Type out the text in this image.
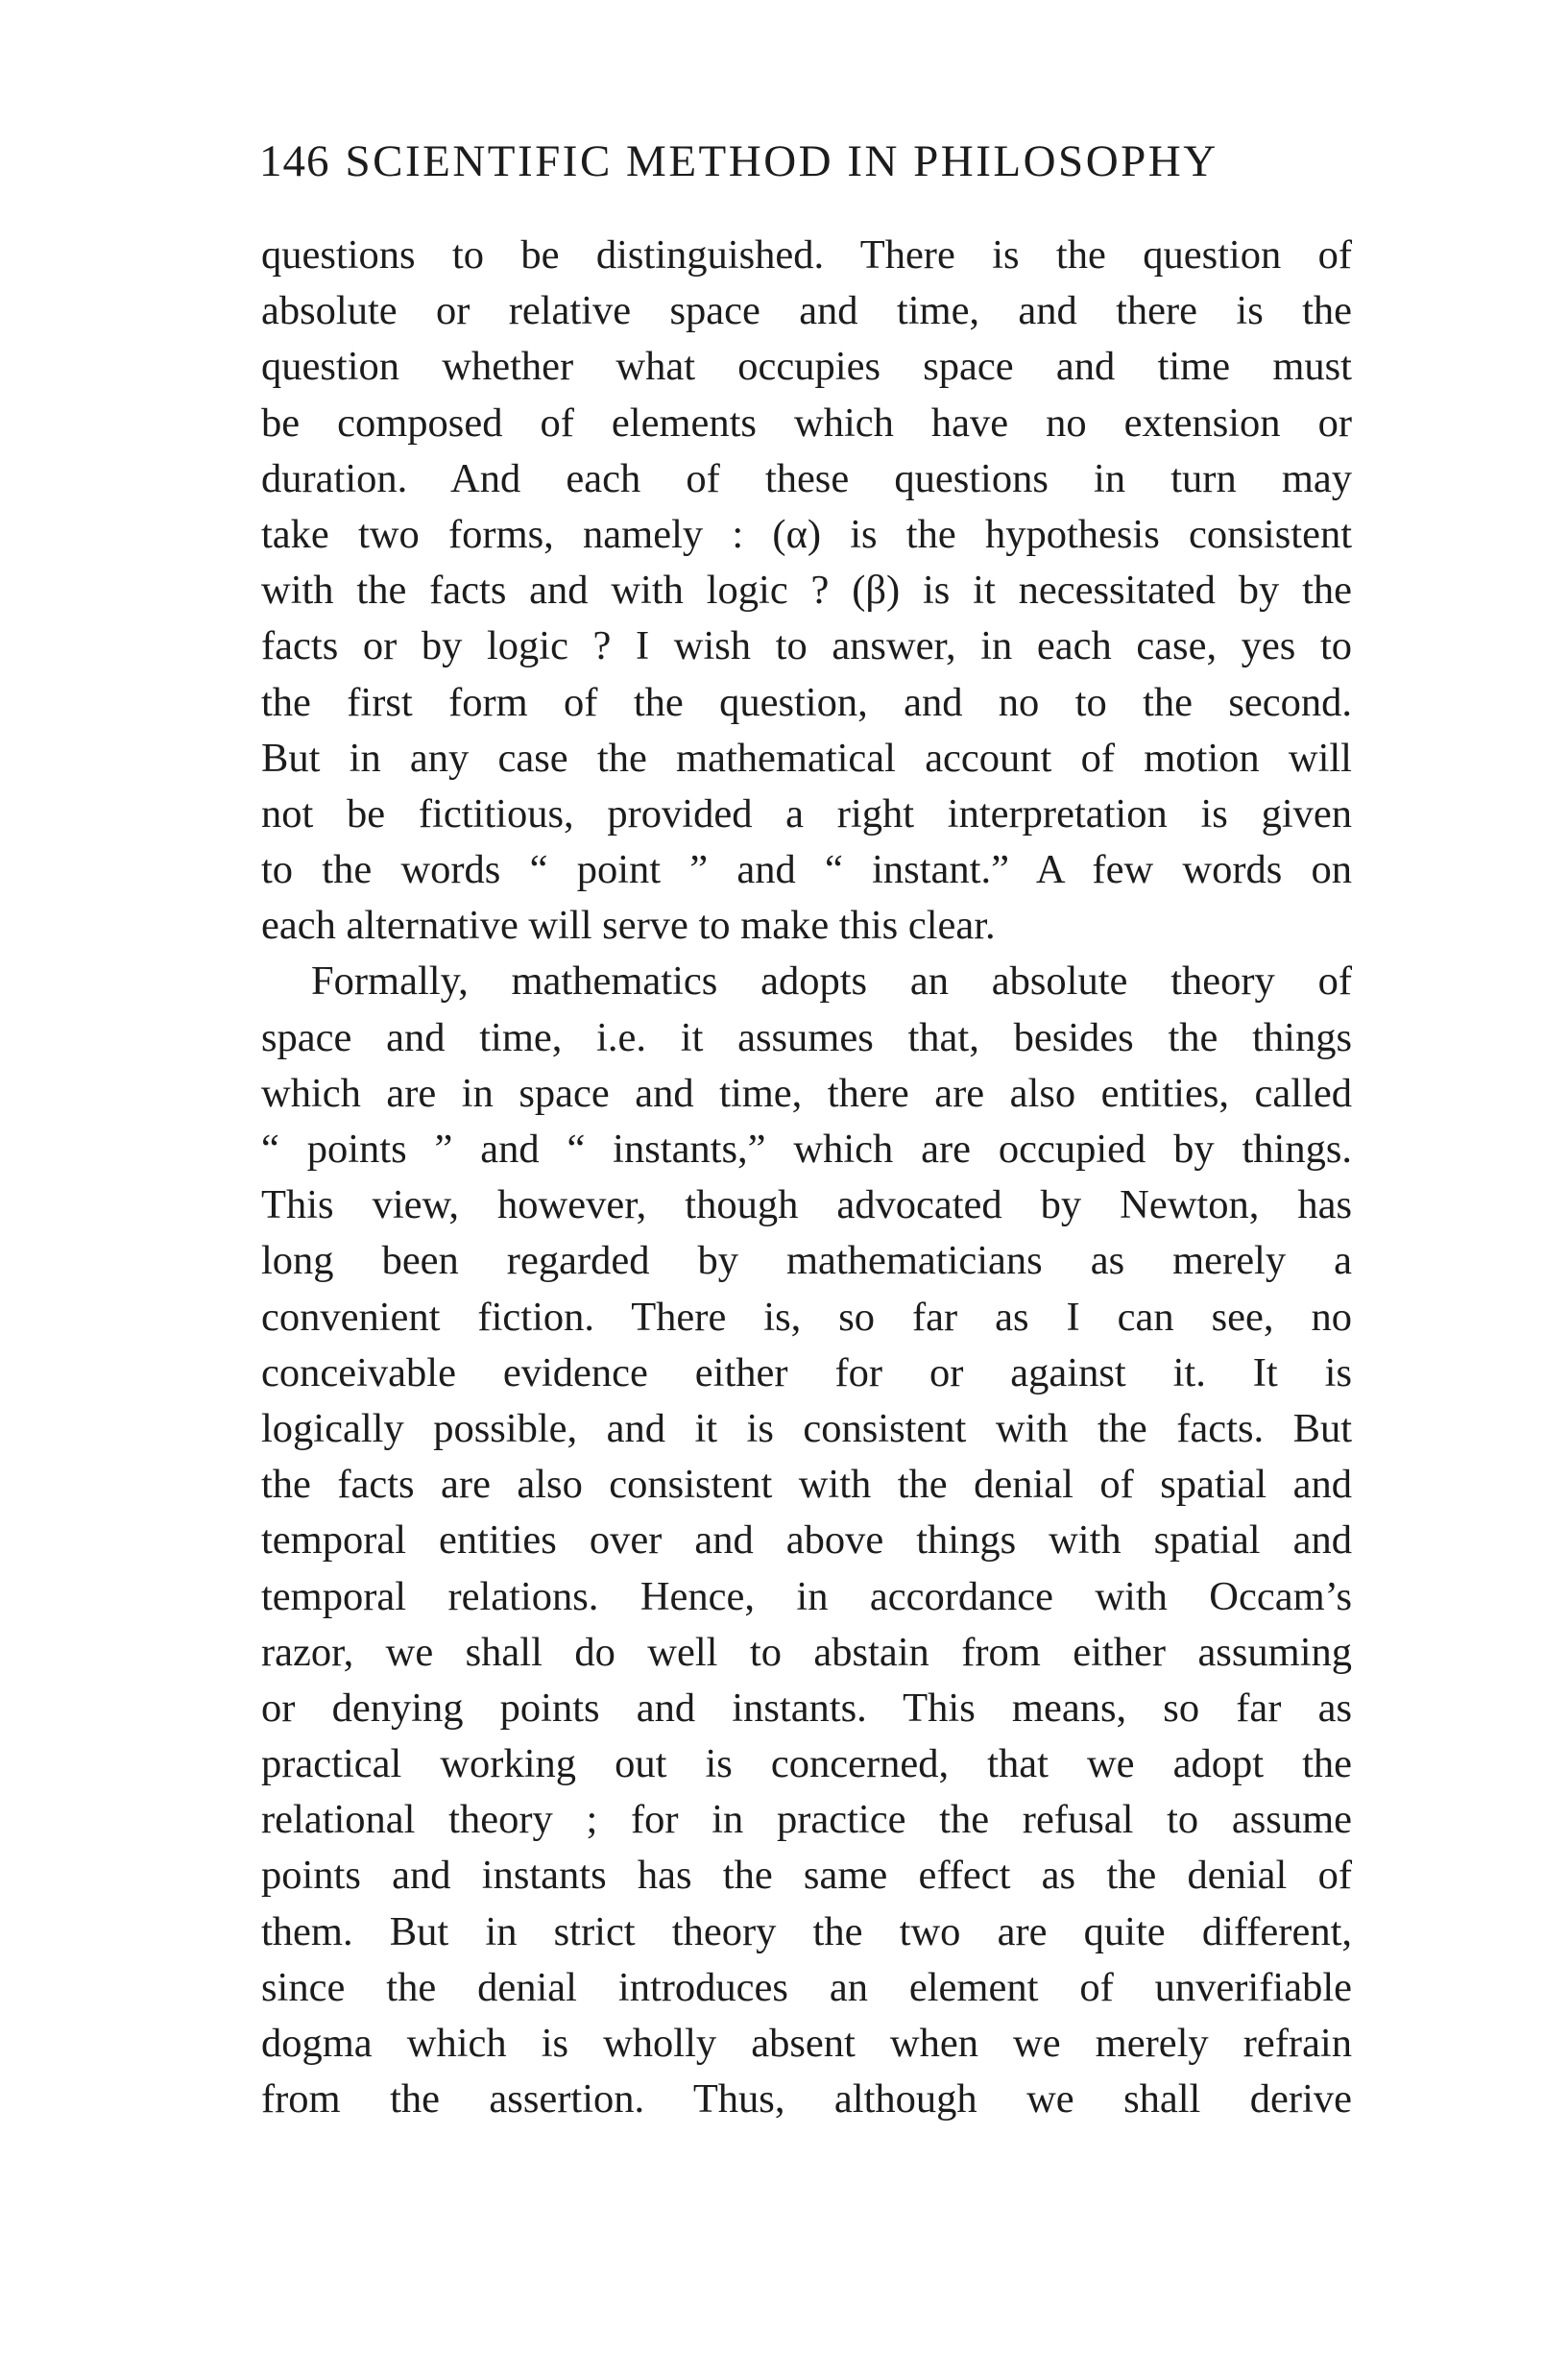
146 SCIENTIFIC METHOD IN PHILOSOPHY
questions to be distinguished. There is the question of
absolute or relative space and time, and there is the
question whether what occupies space and time must
be composed of elements which have no extension or
duration. And each of these questions in turn may
take two forms, namely : (α) is the hypothesis consistent
with the facts and with logic ? (β) is it necessitated by the
facts or by logic ? I wish to answer, in each case, yes to
the first form of the question, and no to the second.
But in any case the mathematical account of motion will
not be fictitious, provided a right interpretation is given
to the words “ point ” and “ instant.” A few words on
each alternative will serve to make this clear.
Formally, mathematics adopts an absolute theory of
space and time, i.e. it assumes that, besides the things
which are in space and time, there are also entities, called
“ points ” and “ instants,” which are occupied by things.
This view, however, though advocated by Newton, has
long been regarded by mathematicians as merely a
convenient fiction. There is, so far as I can see, no
conceivable evidence either for or against it. It is
logically possible, and it is consistent with the facts. But
the facts are also consistent with the denial of spatial and
temporal entities over and above things with spatial and
temporal relations. Hence, in accordance with Occam’s
razor, we shall do well to abstain from either assuming
or denying points and instants. This means, so far as
practical working out is concerned, that we adopt the
relational theory ; for in practice the refusal to assume
points and instants has the same effect as the denial of
them. But in strict theory the two are quite different,
since the denial introduces an element of unverifiable
dogma which is wholly absent when we merely refrain
from the assertion. Thus, although we shall derive
